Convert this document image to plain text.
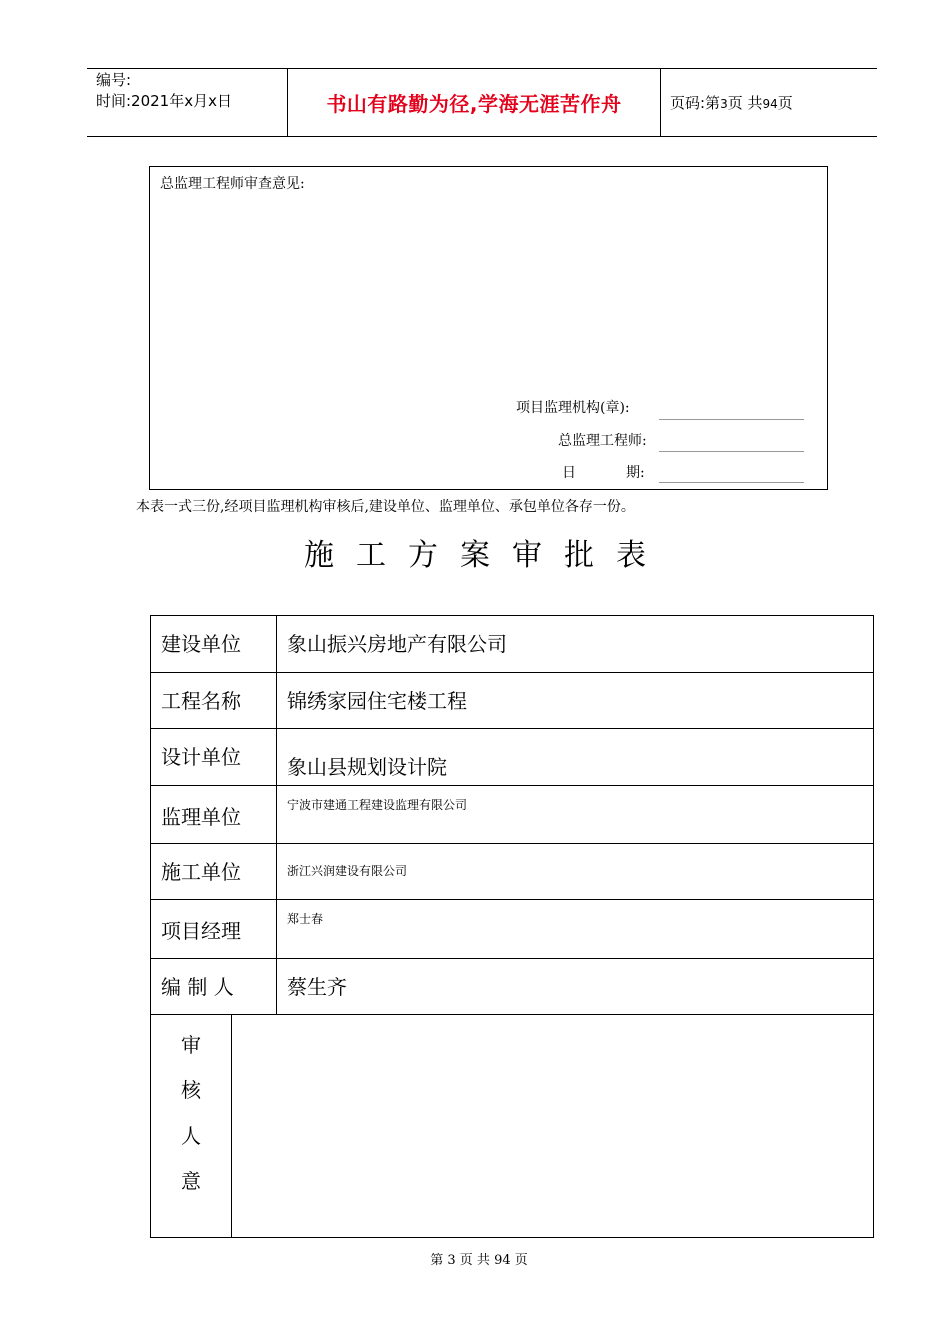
编号:
时间:2021年x月x日	书山有路勤为径,学海无涯苦作舟	页码:第3页 共94页
总监理工程师审查意见:
项目监理机构(章):
总监理工程师:
日	期:
本表一式三份,经项目监理机构审核后,建设单位、监理单位、承包单位各存一份。
施工方案审批表
建设单位 象山振兴房地产有限公司
工程名称 锦绣家园住宅楼工程
设计单位 象山县规划设计院
监理单位	宁波市建通工程建设监理有限公司
施工单位	浙江兴润建设有限公司
项目经理	郑士春
编 制 人	蔡生齐
审
核
人
意
第 3 页 共 94 页
